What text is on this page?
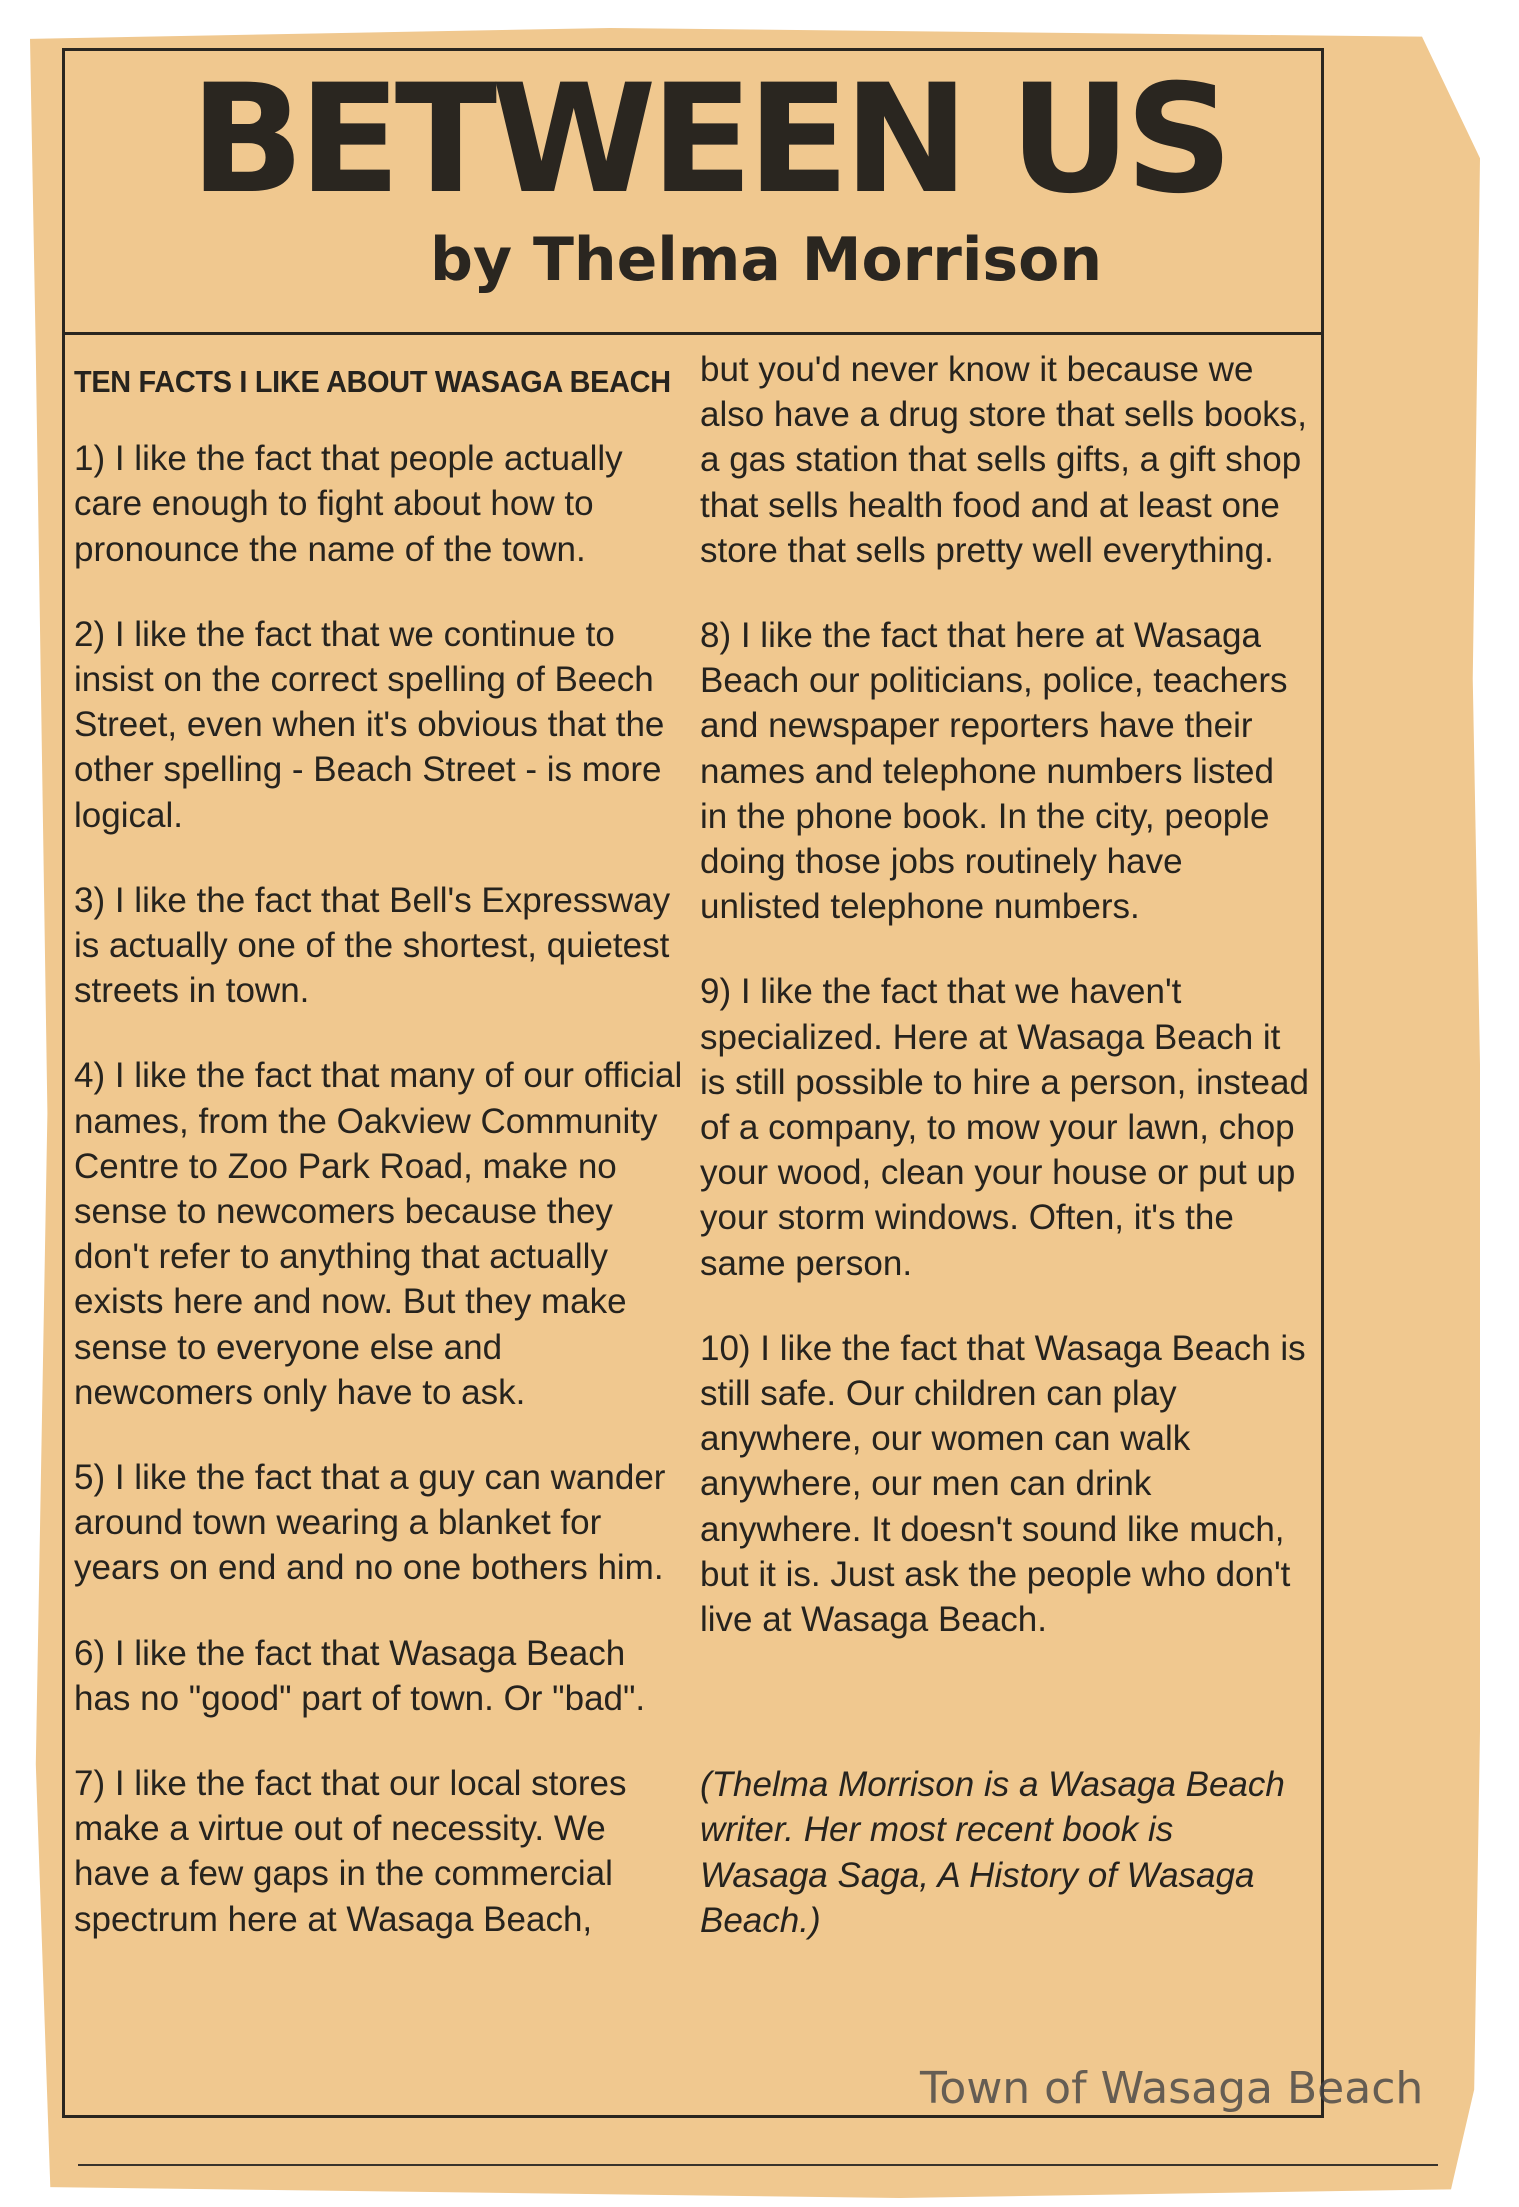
BETWEEN US
by Thelma Morrison
TEN FACTS I LIKE ABOUT WASAGA BEACH

1) I like the fact that people actually care enough to fight about how to pronounce the name of the town.

2) I like the fact that we continue to insist on the correct spelling of Beech Street, even when it's obvious that the other spelling - Beach Street - is more logical.

3) I like the fact that Bell's Expressway is actually one of the shortest, quietest streets in town.

4) I like the fact that many of our official names, from the Oakview Community Centre to Zoo Park Road, make no sense to newcomers because they don't refer to anything that actually exists here and now. But they make sense to everyone else and newcomers only have to ask.

5) I like the fact that a guy can wander around town wearing a blanket for years on end and no one bothers him.

6) I like the fact that Wasaga Beach has no "good" part of town. Or "bad".

7) I like the fact that our local stores make a virtue out of necessity. We have a few gaps in the commercial spectrum here at Wasaga Beach,

but you'd never know it because we also have a drug store that sells books, a gas station that sells gifts, a gift shop that sells health food and at least one store that sells pretty well everything.

8) I like the fact that here at Wasaga Beach our politicians, police, teachers and newspaper reporters have their names and telephone numbers listed in the phone book. In the city, people doing those jobs routinely have unlisted telephone numbers.

9) I like the fact that we haven't specialized. Here at Wasaga Beach it is still possible to hire a person, instead of a company, to mow your lawn, chop your wood, clean your house or put up your storm windows. Often, it's the same person.

10) I like the fact that Wasaga Beach is still safe. Our children can play anywhere, our women can walk anywhere, our men can drink anywhere. It doesn't sound like much, but it is. Just ask the people who don't live at Wasaga Beach.

(Thelma Morrison is a Wasaga Beach writer. Her most recent book is Wasaga Saga, A History of Wasaga Beach.)

Town of Wasaga Beach
